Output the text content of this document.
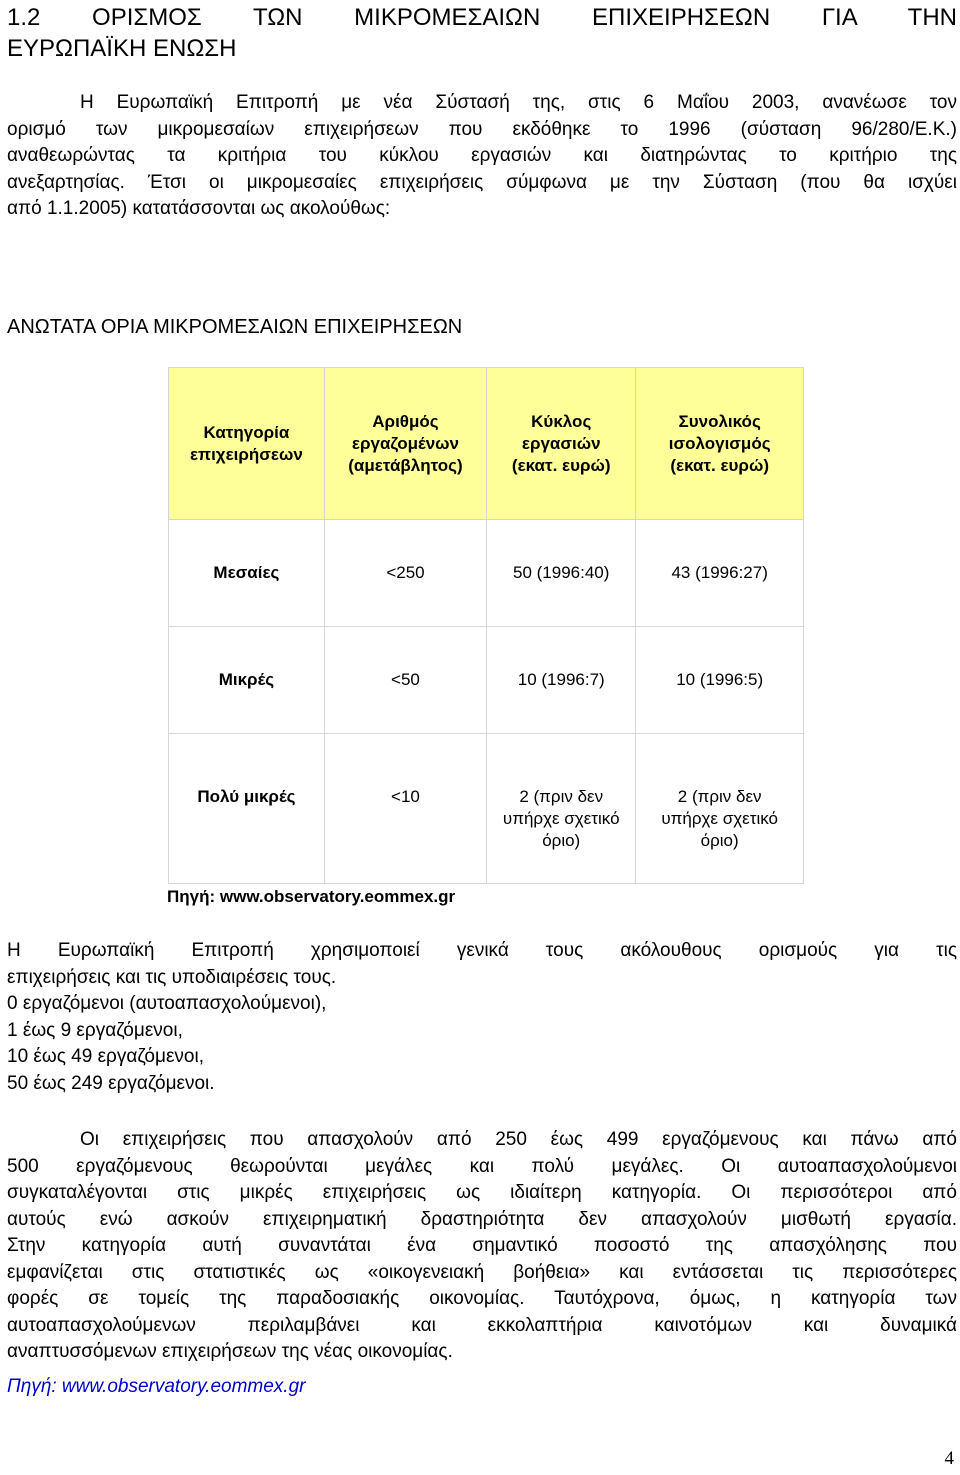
1.2 ΟΡΙΣΜΟΣ ΤΩΝ ΜΙΚΡΟΜΕΣΑΙΩΝ ΕΠΙΧΕΙΡΗΣΕΩΝ ΓΙΑ ΤΗΝ
ΕΥΡΩΠΑΪΚΗ ΕΝΩΣΗ
Η Ευρωπαϊκή Επιτροπή με νέα Σύστασή της, στις 6 Μαΐου 2003, ανανέωσε τον
ορισμό των μικρομεσαίων επιχειρήσεων που εκδόθηκε το 1996 (σύσταση 96/280/Ε.Κ.)
αναθεωρώντας τα κριτήρια του κύκλου εργασιών και διατηρώντας το κριτήριο της
ανεξαρτησίας. Έτσι οι μικρομεσαίες επιχειρήσεις σύμφωνα με την Σύσταση (που θα ισχύει
από 1.1.2005) κατατάσσονται ως ακολούθως:
ΑΝΩΤΑΤΑ ΟΡΙΑ ΜΙΚΡΟΜΕΣΑΙΩΝ ΕΠΙΧΕΙΡΗΣΕΩΝ
Κατηγορία
επιχειρήσεων	Αριθμός
εργαζομένων
(αμετάβλητος)	Κύκλος
εργασιών
(εκατ. ευρώ)	Συνολικός
ισολογισμός
(εκατ. ευρώ)
Μεσαίες	<250	50 (1996:40)	43 (1996:27)
Μικρές	<50	10 (1996:7)	10 (1996:5)
Πολύ μικρές	<10	2 (πριν δεν
υπήρχε σχετικό
όριο)	2 (πριν δεν
υπήρχε σχετικό
όριο)
Πηγή: www.observatory.eommex.gr
Η Ευρωπαϊκή Επιτροπή χρησιμοποιεί γενικά τους ακόλουθους ορισμούς για τις
επιχειρήσεις και τις υποδιαιρέσεις τους.
0 εργαζόμενοι (αυτοαπασχολούμενοι),
1 έως 9 εργαζόμενοι,
10 έως 49 εργαζόμενοι,
50 έως 249 εργαζόμενοι.
Οι επιχειρήσεις που απασχολούν από 250 έως 499 εργαζόμενους και πάνω από
500 εργαζόμενους θεωρούνται μεγάλες και πολύ μεγάλες. Οι αυτοαπασχολούμενοι
συγκαταλέγονται στις μικρές επιχειρήσεις ως ιδιαίτερη κατηγορία. Οι περισσότεροι από
αυτούς ενώ ασκούν επιχειρηματική δραστηριότητα δεν απασχολούν μισθωτή εργασία.
Στην κατηγορία αυτή συναντάται ένα σημαντικό ποσοστό της απασχόλησης που
εμφανίζεται στις στατιστικές ως «οικογενειακή βοήθεια» και εντάσσεται τις περισσότερες
φορές σε τομείς της παραδοσιακής οικονομίας. Ταυτόχρονα, όμως, η κατηγορία των
αυτοαπασχολούμενων περιλαμβάνει και εκκολαπτήρια καινοτόμων και δυναμικά
αναπτυσσόμενων επιχειρήσεων της νέας οικονομίας.
Πηγή: www.observatory.eommex.gr
4
